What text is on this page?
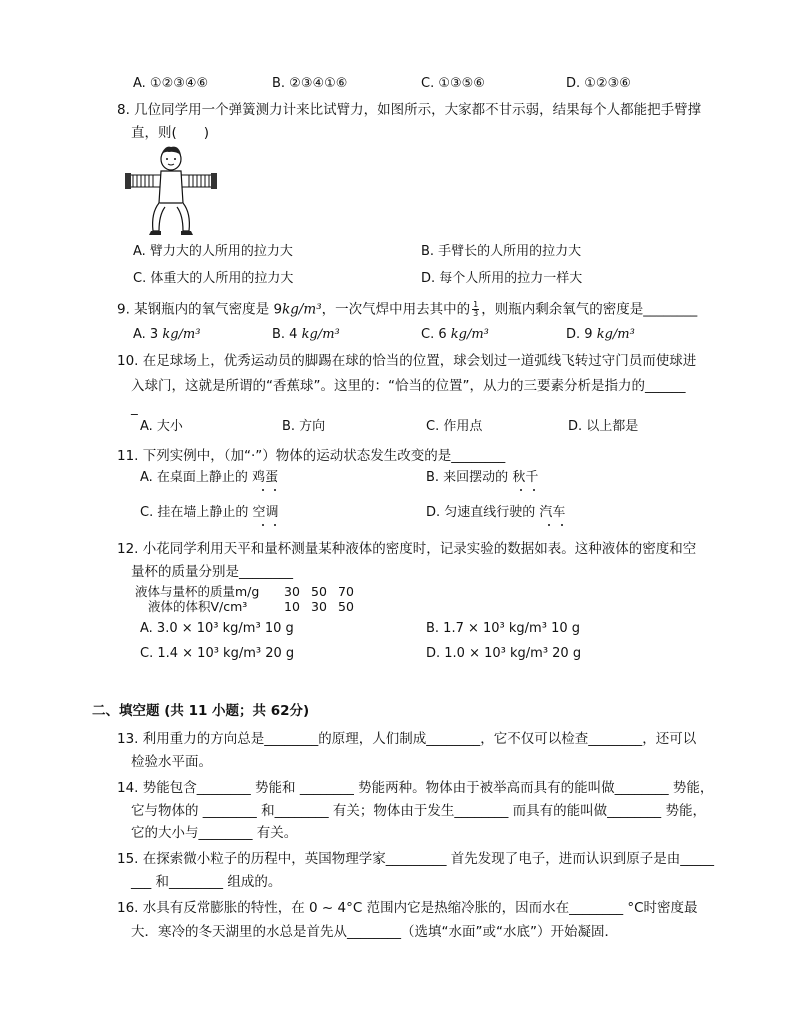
A. ①②③④⑥	B. ②③④①⑥	C. ①③⑤⑥	D. ①②③⑥
8. 几位同学用一个弹簧测力计来比试臂力，如图所示，大家都不甘示弱，结果每个人都能把手臂撑
直，则(　　)
A. 臂力大的人所用的拉力大	B. 手臂长的人所用的拉力大
C. 体重大的人所用的拉力大	D. 每个人所用的拉力一样大
9. 某钢瓶内的氧气密度是 9kg/m³，一次气焊中用去其中的 $\frac{1}{3}$ ，则瓶内剩余氧气的密度是________
A. 3 kg/m³	B. 4 kg/m³	C. 6 kg/m³	D. 9 kg/m³
10. 在足球场上，优秀运动员的脚踢在球的恰当的位置，球会划过一道弧线飞转过守门员而使球进
入球门，这就是所谓的“香蕉球”。这里的：“恰当的位置”，从力的三要素分析是指力的______
_
A. 大小	B. 方向	C. 作用点	D. 以上都是
11. 下列实例中，（加“·”）物体的运动状态发生改变的是________
A. 在桌面上静止的 鸡蛋	B. 来回摆动的 秋千
C. 挂在墙上静止的 空调	D. 匀速直线行驶的 汽车
12. 小花同学利用天平和量杯测量某种液体的密度时，记录实验的数据如表。这种液体的密度和空
量杯的质量分别是________
液体与量杯的质量m/g 30 50 70
液体的体积V/cm³	10 30 50
A. 3.0 × 10³ kg/m³ 10 g	B. 1.7 × 10³ kg/m³ 10 g
C. 1.4 × 10³ kg/m³ 20 g	D. 1.0 × 10³ kg/m³ 20 g
二、填空题 (共 11 小题；共 62分)
13. 利用重力的方向总是________的原理，人们制成________，它不仅可以检查________，还可以
检验水平面。
14. 势能包含________ 势能和 ________ 势能两种。物体由于被举高而具有的能叫做________ 势能，
它与物体的 ________ 和________ 有关；物体由于发生________ 而具有的能叫做________ 势能，
它的大小与________ 有关。
15. 在探索微小粒子的历程中，英国物理学家_________ 首先发现了电子，进而认识到原子是由_____
___ 和________ 组成的。
16. 水具有反常膨胀的特性，在 0 ~ 4°C 范围内它是热缩冷胀的，因而水在________ °C时密度最
大．寒冷的冬天湖里的水总是首先从________（选填“水面”或“水底”）开始凝固．
